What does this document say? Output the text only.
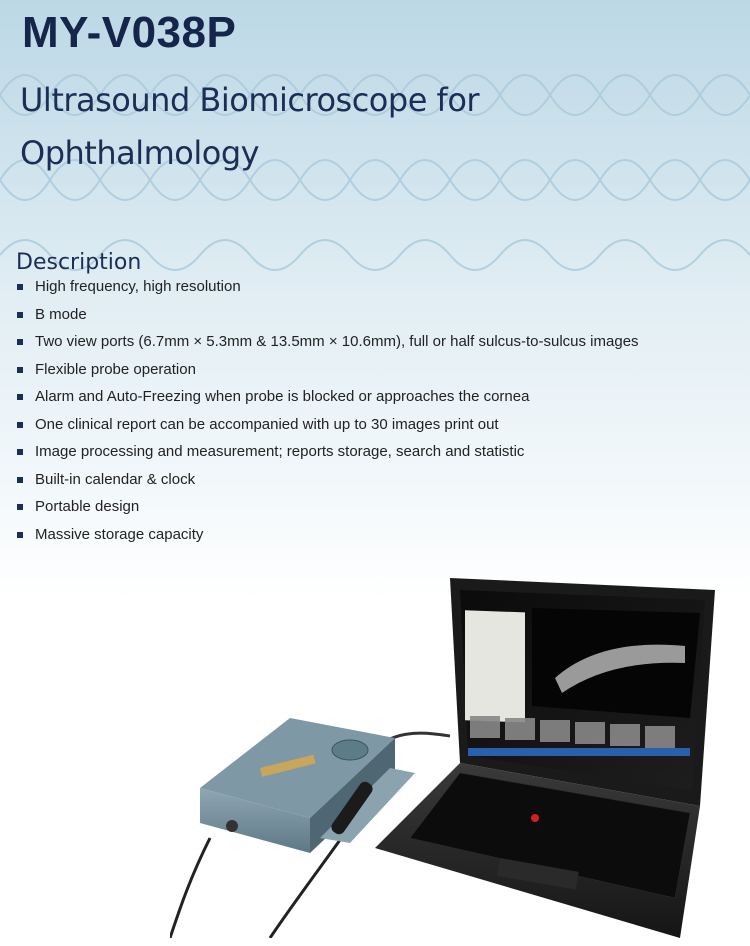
MY-V038P
Ultrasound Biomicroscope for
Ophthalmology
Description
High frequency, high resolution
B mode
Two view ports (6.7mm × 5.3mm & 13.5mm × 10.6mm), full or half sulcus-to-sulcus images
Flexible probe operation
Alarm and Auto-Freezing when probe is blocked or approaches the cornea
One clinical report can be accompanied with up to 30 images print out
Image processing and measurement; reports storage, search and statistic
Built-in calendar & clock
Portable design
Massive storage capacity
